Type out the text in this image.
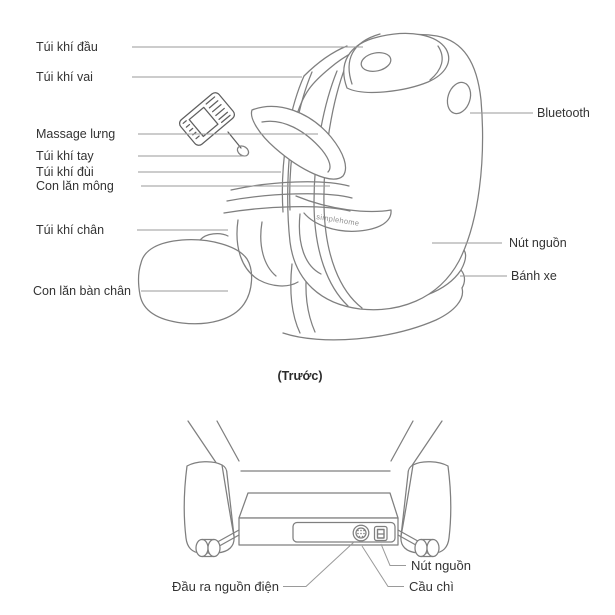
simplehome
Túi khí đầu
Túi khí vai
Massage lưng
Túi khí tay
Túi khí đùi
Con lăn mông
Túi khí chân
Con lăn bàn chân
Bluetooth
Nút nguồn
Bánh xe
(Trước)
Đầu ra nguồn điện	Cầu chì
Nút nguồn
